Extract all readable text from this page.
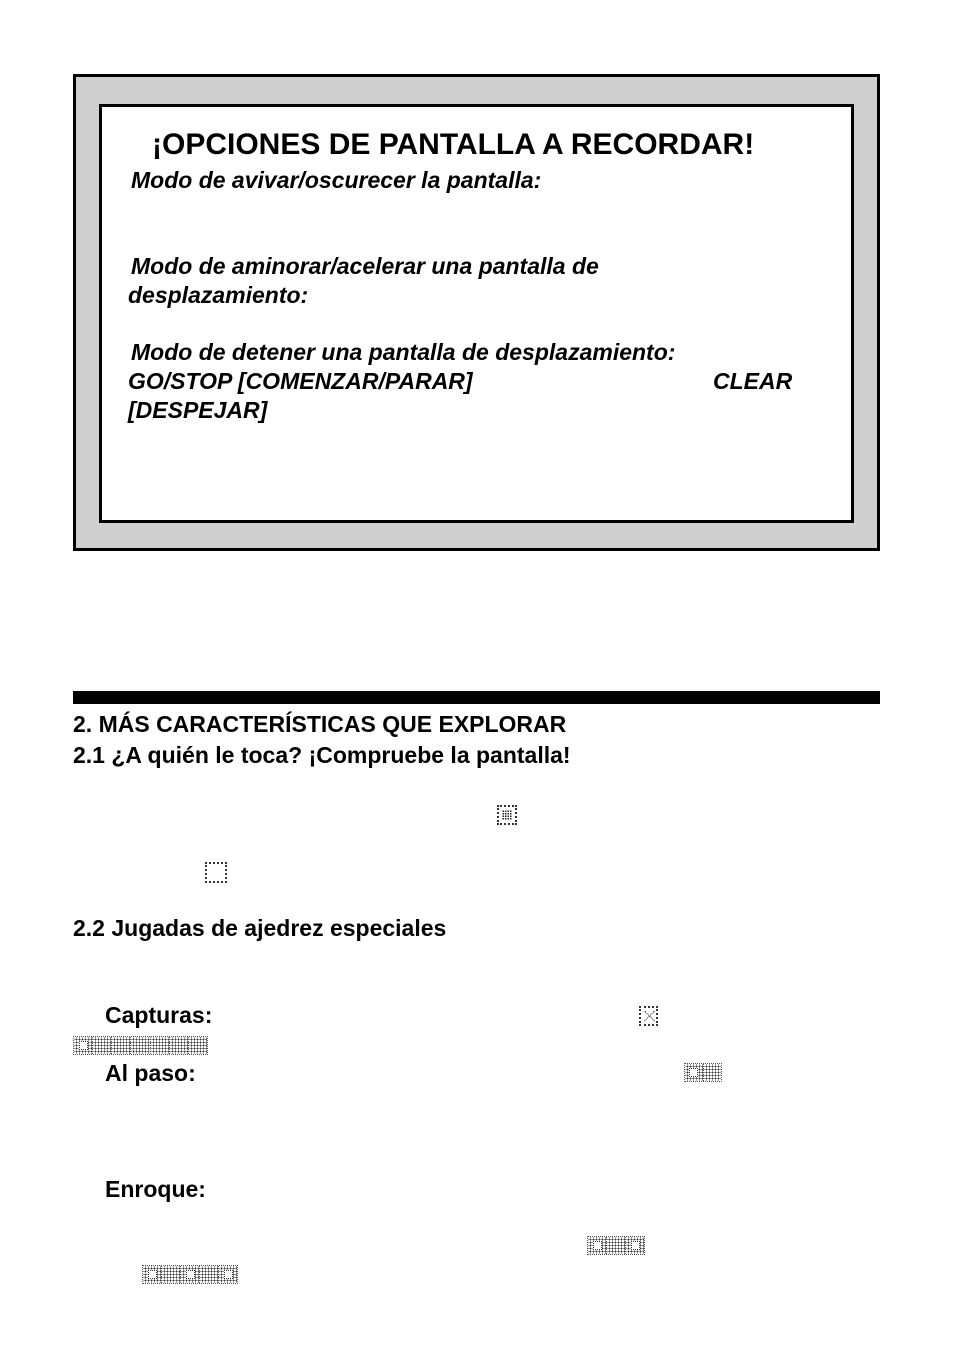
¡OPCIONES DE PANTALLA A RECORDAR!
Modo de avivar/oscurecer la pantalla:
Modo de aminorar/acelerar una pantalla de
desplazamiento:
Modo de detener una pantalla de desplazamiento:
GO/STOP [COMENZAR/PARAR]	CLEAR
[DESPEJAR]
2. MÁS CARACTERÍSTICAS QUE EXPLORAR
2.1 ¿A quién le toca? ¡Compruebe la pantalla!
2.2 Jugadas de ajedrez especiales
Capturas:
Al paso:
Enroque:
